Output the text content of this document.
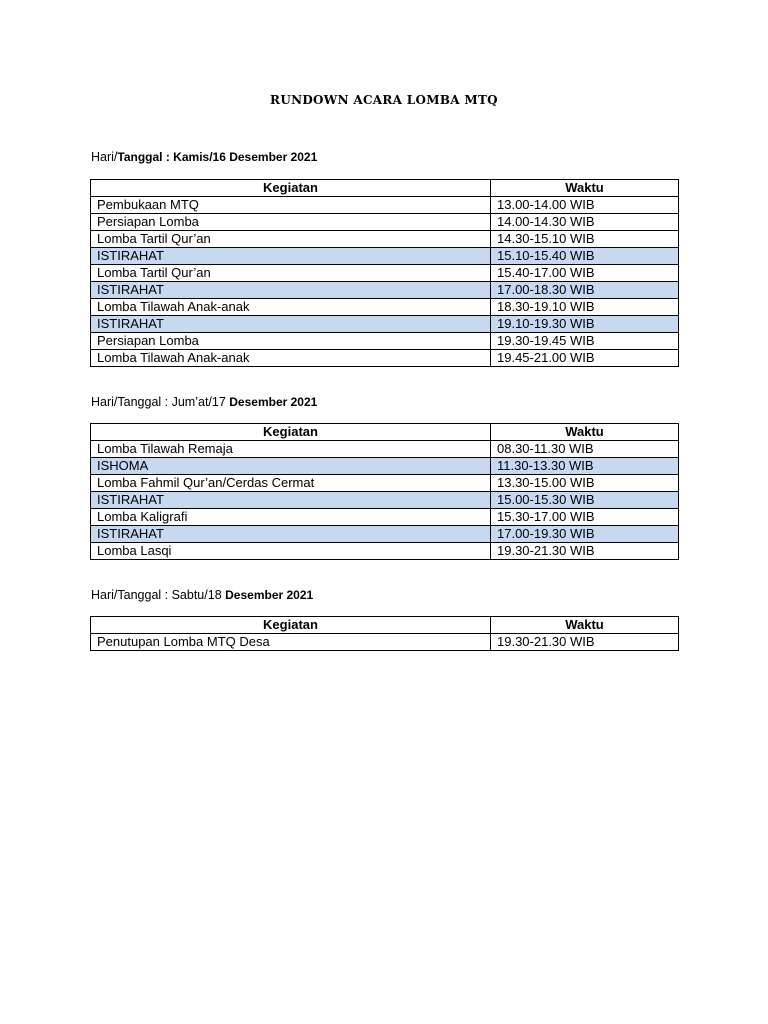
RUNDOWN ACARA LOMBA MTQ
Hari/Tanggal : Kamis/16 Desember 2021
Kegiatan	Waktu
Pembukaan MTQ	13.00-14.00 WIB
Persiapan Lomba	14.00-14.30 WIB
Lomba Tartil Qur’an	14.30-15.10 WIB
ISTIRAHAT	15.10-15.40 WIB
Lomba Tartil Qur’an	15.40-17.00 WIB
ISTIRAHAT	17.00-18.30 WIB
Lomba Tilawah Anak-anak	18.30-19.10 WIB
ISTIRAHAT	19.10-19.30 WIB
Persiapan Lomba	19.30-19.45 WIB
Lomba Tilawah Anak-anak	19.45-21.00 WIB
Hari/Tanggal : Jum’at/17 Desember 2021
Kegiatan	Waktu
Lomba Tilawah Remaja	08.30-11.30 WIB
ISHOMA	11.30-13.30 WIB
Lomba Fahmil Qur’an/Cerdas Cermat	13.30-15.00 WIB
ISTIRAHAT	15.00-15.30 WIB
Lomba Kaligrafi	15.30-17.00 WIB
ISTIRAHAT	17.00-19.30 WIB
Lomba Lasqi	19.30-21.30 WIB
Hari/Tanggal : Sabtu/18 Desember 2021
Kegiatan	Waktu
Penutupan Lomba MTQ Desa	19.30-21.30 WIB
